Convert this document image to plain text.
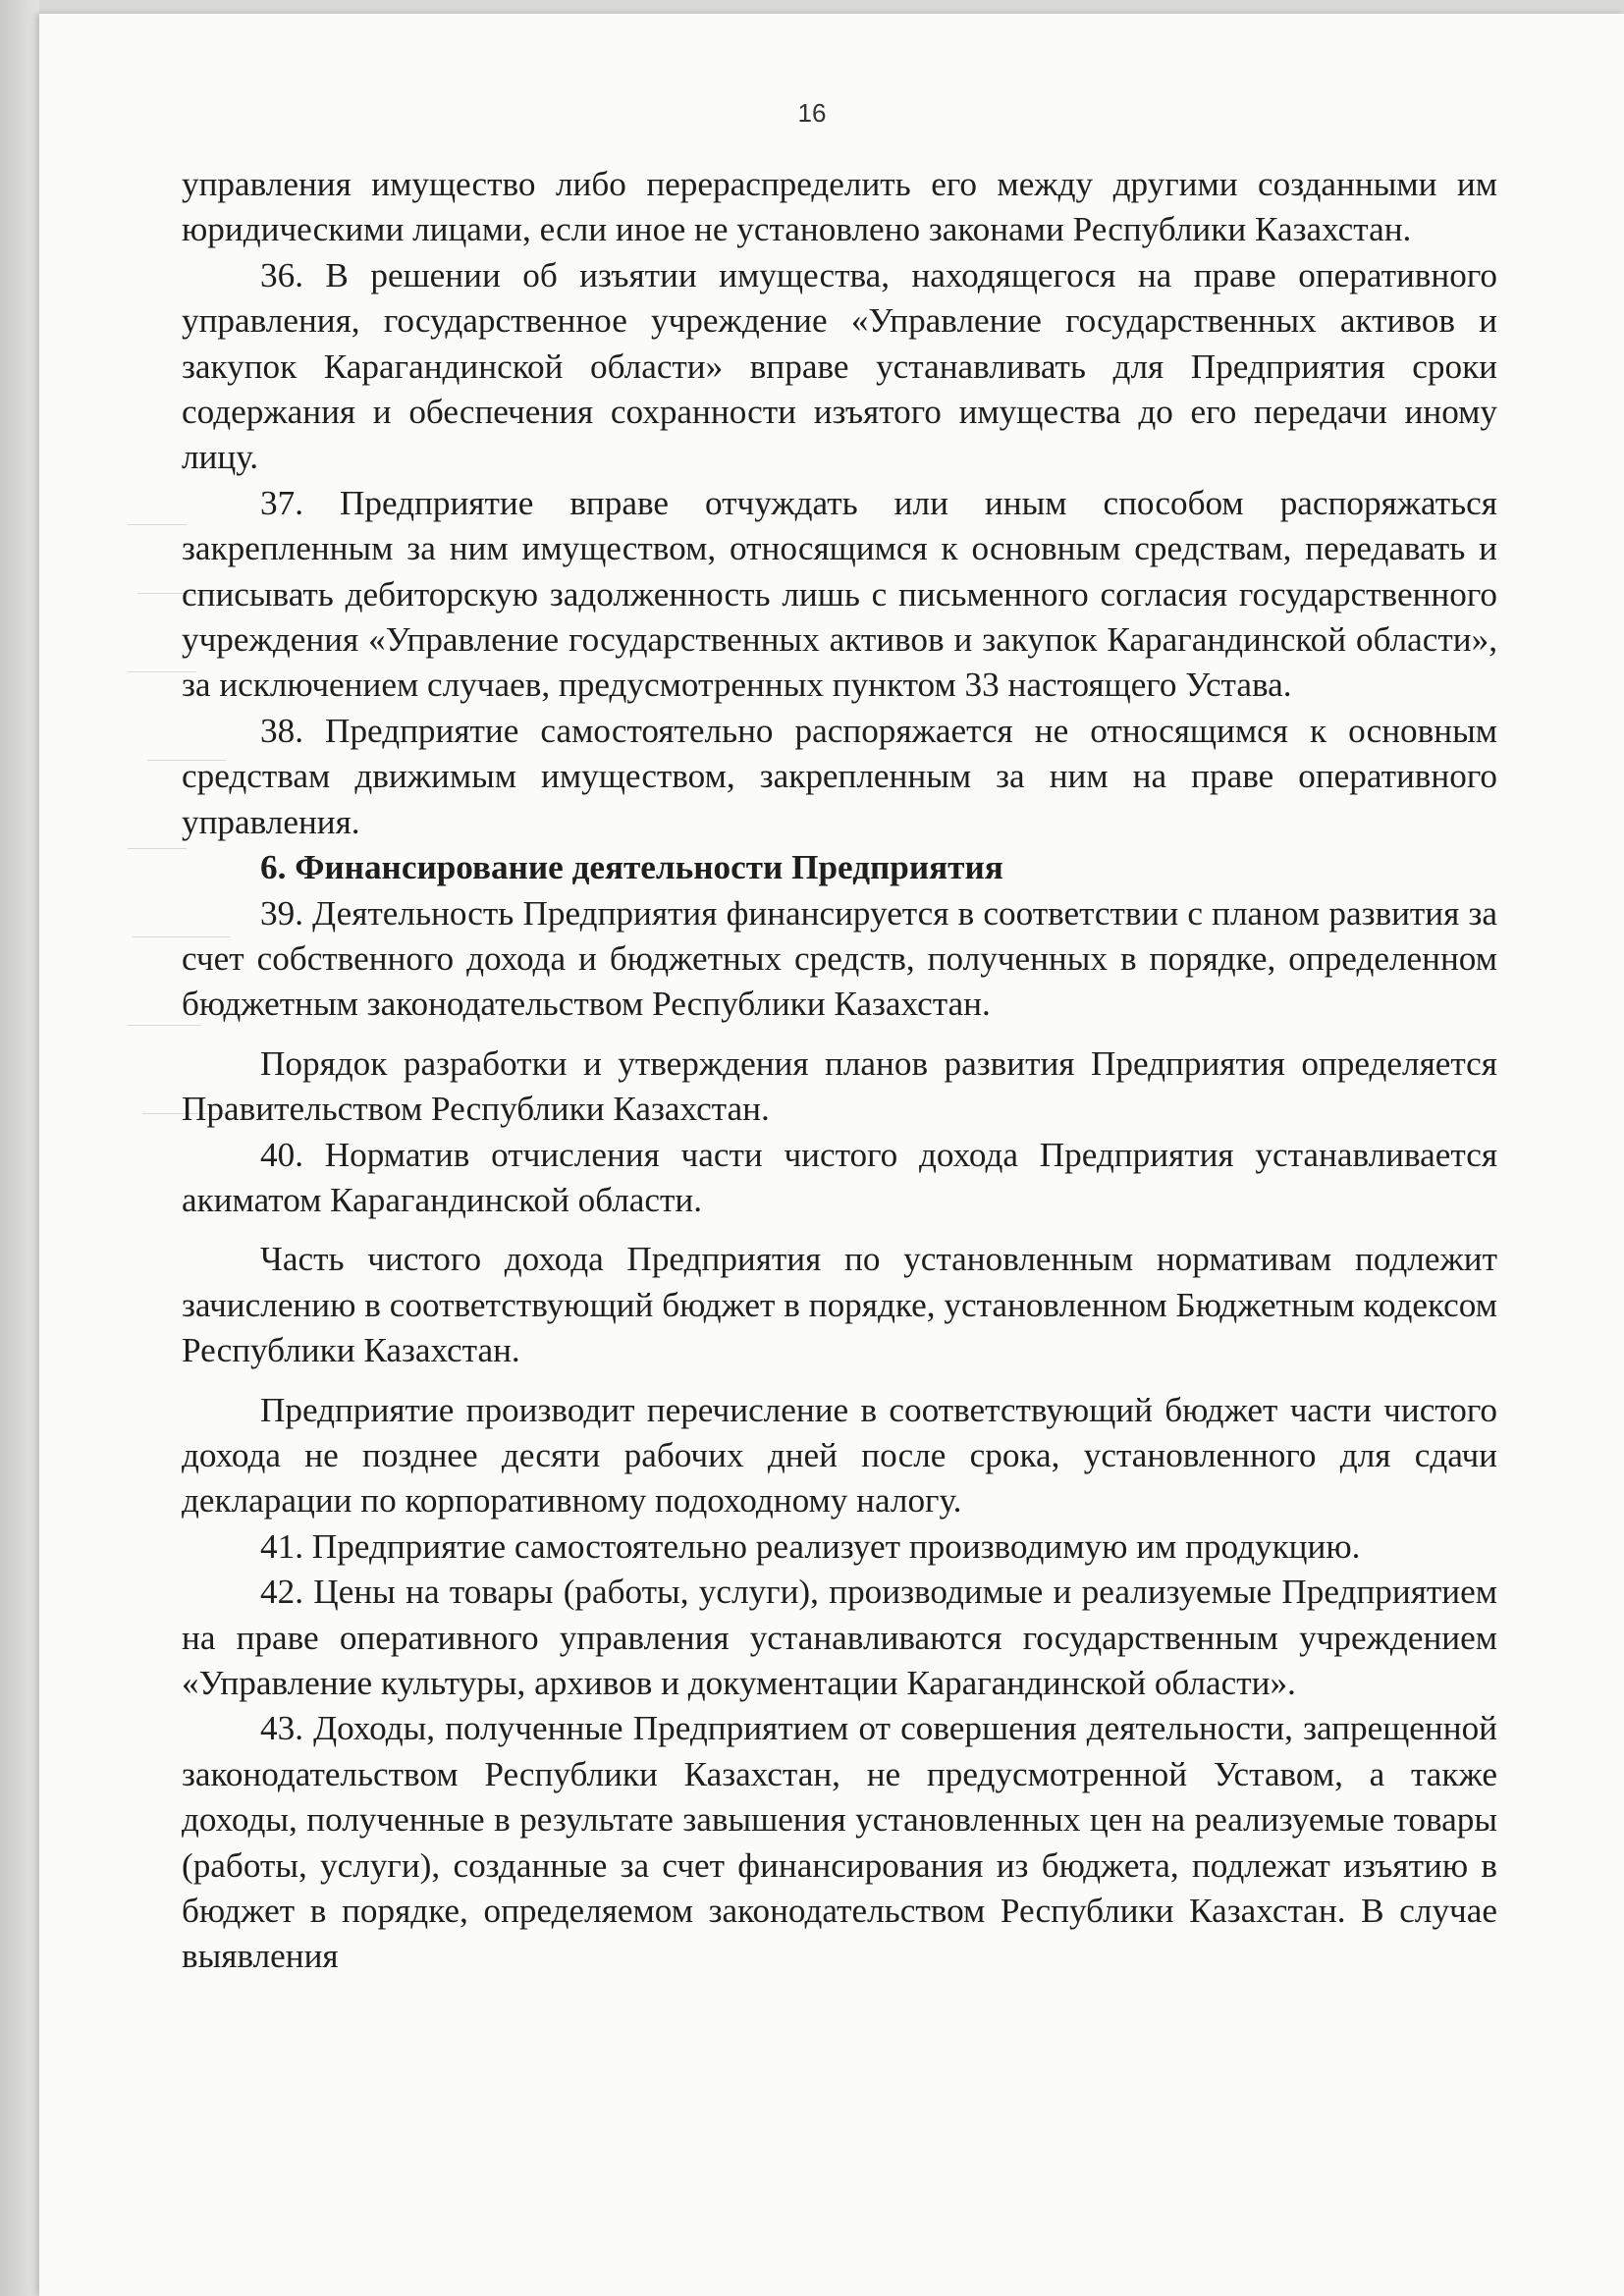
16

управления имущество либо перераспределить его между другими созданными им юридическими лицами, если иное не установлено законами Республики Казахстан.

36. В решении об изъятии имущества, находящегося на праве оперативного управления, государственное учреждение «Управление государственных активов и закупок Карагандинской области» вправе устанавливать для Предприятия сроки содержания и обеспечения сохранности изъятого имущества до его передачи иному лицу.

37. Предприятие вправе отчуждать или иным способом распоряжаться закрепленным за ним имуществом, относящимся к основным средствам, передавать и списывать дебиторскую задолженность лишь с письменного согласия государственного учреждения «Управление государственных активов и закупок Карагандинской области», за исключением случаев, предусмотренных пунктом 33 настоящего Устава.

38. Предприятие самостоятельно распоряжается не относящимся к основным средствам движимым имуществом, закрепленным за ним на праве оперативного управления.

6. Финансирование деятельности Предприятия

39. Деятельность Предприятия финансируется в соответствии с планом развития за счет собственного дохода и бюджетных средств, полученных в порядке, определенном бюджетным законодательством Республики Казахстан.

Порядок разработки и утверждения планов развития Предприятия определяется Правительством Республики Казахстан.

40. Норматив отчисления части чистого дохода Предприятия устанавливается акиматом Карагандинской области.

Часть чистого дохода Предприятия по установленным нормативам подлежит зачислению в соответствующий бюджет в порядке, установленном Бюджетным кодексом Республики Казахстан.

Предприятие производит перечисление в соответствующий бюджет части чистого дохода не позднее десяти рабочих дней после срока, установленного для сдачи декларации по корпоративному подоходному налогу.

41. Предприятие самостоятельно реализует производимую им продукцию.

42. Цены на товары (работы, услуги), производимые и реализуемые Предприятием на праве оперативного управления устанавливаются государственным учреждением «Управление культуры, архивов и документации Карагандинской области».

43. Доходы, полученные Предприятием от совершения деятельности, запрещенной законодательством Республики Казахстан, не предусмотренной Уставом, а также доходы, полученные в результате завышения установленных цен на реализуемые товары (работы, услуги), созданные за счет финансирования из бюджета, подлежат изъятию в бюджет в порядке, определяемом законодательством Республики Казахстан. В случае выявления
